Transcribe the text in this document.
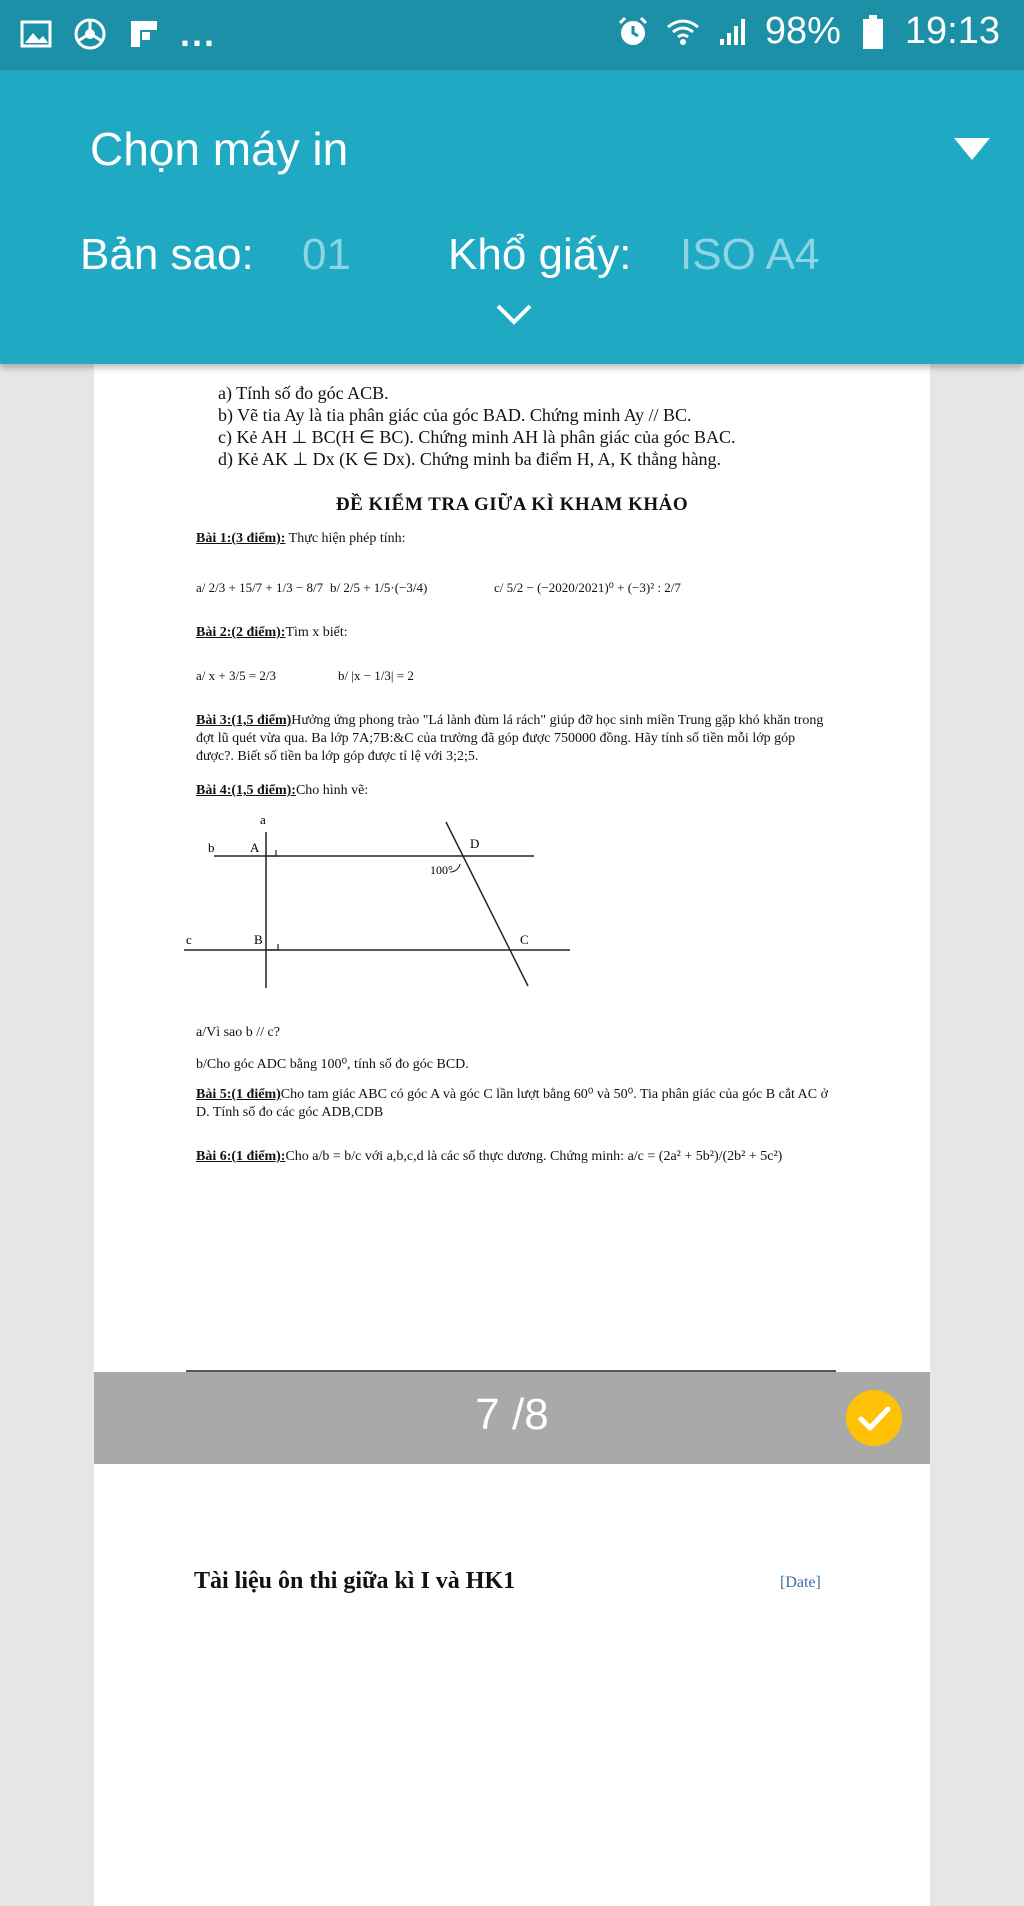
...	98% 19:13
Chọn máy in
Bản sao: 01 Khổ giấy: ISO A4
a) Tính số đo góc ACB.
b) Vẽ tia Ay là tia phân giác của góc BAD. Chứng minh Ay // BC.
c) Kẻ AH ⊥ BC(H ∈ BC). Chứng minh AH là phân giác của góc BAC.
d) Kẻ AK ⊥ Dx (K ∈ Dx). Chứng minh ba điểm H, A, K thẳng hàng.
ĐỀ KIỂM TRA GIỮA KÌ KHAM KHẢO
Bài 1:(3 điểm): Thực hiện phép tính:
a/ 2/3 + 15/7 + 1/3 − 8/7 b/ 2/5 + 1/5·(−3/4)	c/ 5/2 − (−2020/2021)⁰ + (−3)² : 2/7
Bài 2:(2 điểm):Tìm x biết:
a/ x + 3/5 = 2/3	b/ |x − 1/3| = 2
Bài 3:(1,5 điểm)Hưởng ứng phong trào "Lá lành đùm lá rách" giúp đỡ học sinh miền Trung gặp khó khăn trong đợt lũ quét vừa qua. Ba lớp 7A;7B:&C của trường đã góp được 750000 đồng. Hãy tính số tiền mỗi lớp góp được?. Biết số tiền ba lớp góp được tỉ lệ với 3;2;5.
Bài 4:(1,5 điểm):Cho hình vẽ:
a
b
c
A
B
D
C
100°
a/Vì sao b // c?
b/Cho góc ADC bằng 100⁰, tính số đo góc BCD.
Bài 5:(1 điểm)Cho tam giác ABC có góc A và góc C lần lượt bằng 60⁰ và 50⁰. Tia phân giác của góc B cắt AC ở D. Tính số đo các góc ADB,CDB
Bài 6:(1 điểm):Cho a/b = b/c với a,b,c,d là các số thực dương. Chứng minh: a/c = (2a² + 5b²)/(2b² + 5c²)
7 /8
Tài liệu ôn thi giữa kì I và HK1	[Date]
